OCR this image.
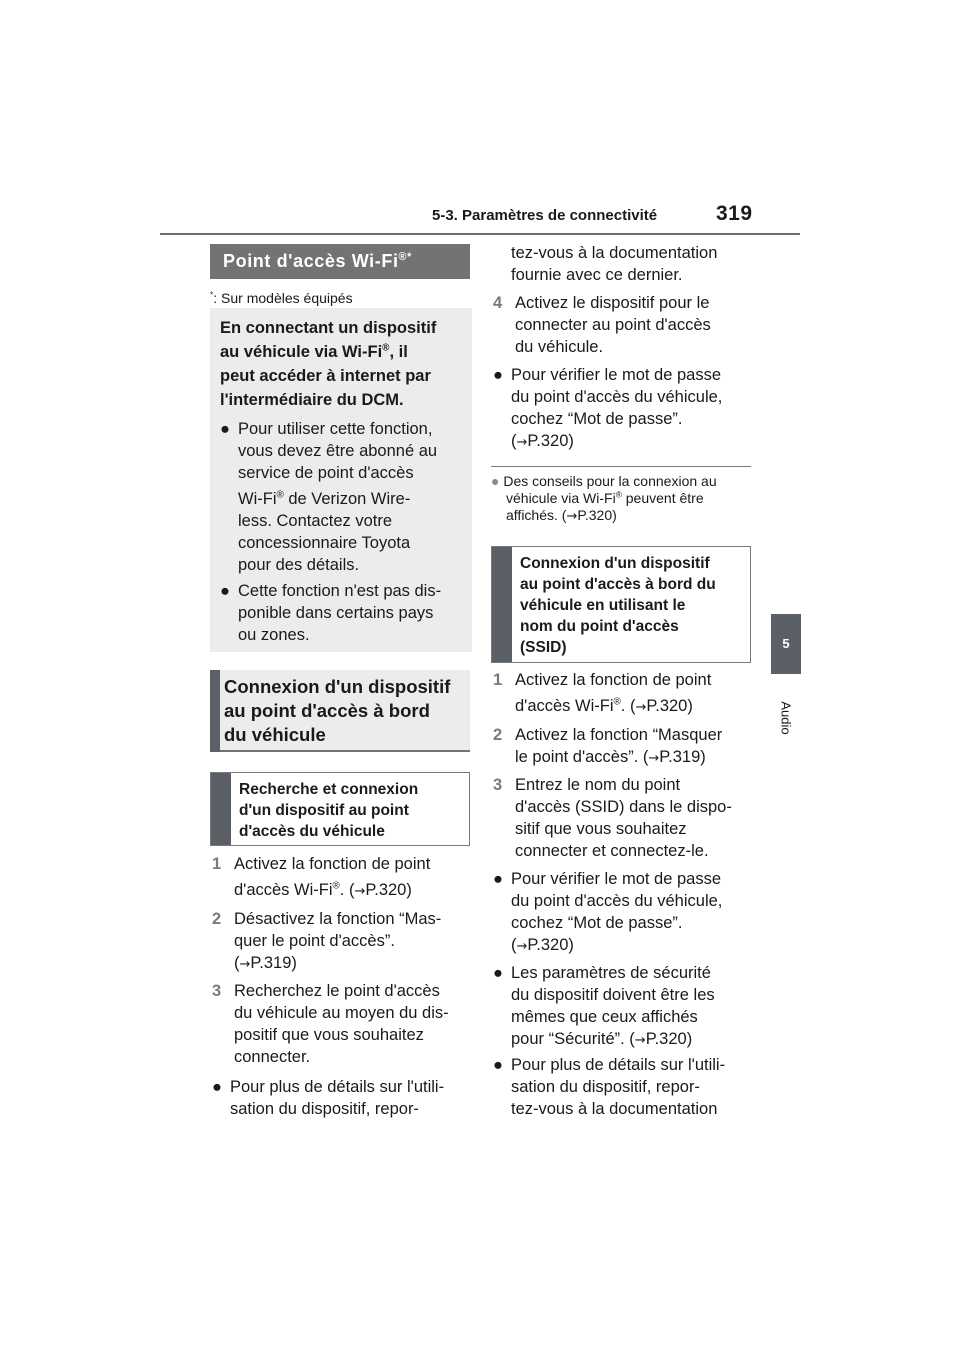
5-3. Paramètres de connectivité	319
5
Audio
Point d'accès Wi-Fi®*
*: Sur modèles équipés
En connectant un dispositif
au véhicule via Wi-Fi®, il
peut accéder à internet par
l'intermédiaire du DCM.
● Pour utiliser cette fonction,
vous devez être abonné au
service de point d'accès
Wi-Fi® de Verizon Wire-
less. Contactez votre
concessionnaire Toyota
pour des détails.
● Cette fonction n'est pas dis-
ponible dans certains pays
ou zones.
Connexion d'un dispositif
au point d'accès à bord
du véhicule
Recherche et connexion
d'un dispositif au point
d'accès du véhicule
1 Activez la fonction de point
d'accès Wi-Fi®. (→P.320)
2 Désactivez la fonction “Mas-
quer le point d'accès”.
(→P.319)
3 Recherchez le point d'accès
du véhicule au moyen du dis-
positif que vous souhaitez
connecter.
● Pour plus de détails sur l'utili-
sation du dispositif, repor-
tez-vous à la documentation
fournie avec ce dernier.
4 Activez le dispositif pour le
connecter au point d'accès
du véhicule.
● Pour vérifier le mot de passe
du point d'accès du véhicule,
cochez “Mot de passe”.
(→P.320)
● Des conseils pour la connexion au
véhicule via Wi-Fi® peuvent être
affichés. (→P.320)
Connexion d'un dispositif
au point d'accès à bord du
véhicule en utilisant le
nom du point d'accès
(SSID)
1 Activez la fonction de point
d'accès Wi-Fi®. (→P.320)
2 Activez la fonction “Masquer
le point d'accès”. (→P.319)
3 Entrez le nom du point
d'accès (SSID) dans le dispo-
sitif que vous souhaitez
connecter et connectez-le.
● Pour vérifier le mot de passe
du point d'accès du véhicule,
cochez “Mot de passe”.
(→P.320)
● Les paramètres de sécurité
du dispositif doivent être les
mêmes que ceux affichés
pour “Sécurité”. (→P.320)
● Pour plus de détails sur l'utili-
sation du dispositif, repor-
tez-vous à la documentation
